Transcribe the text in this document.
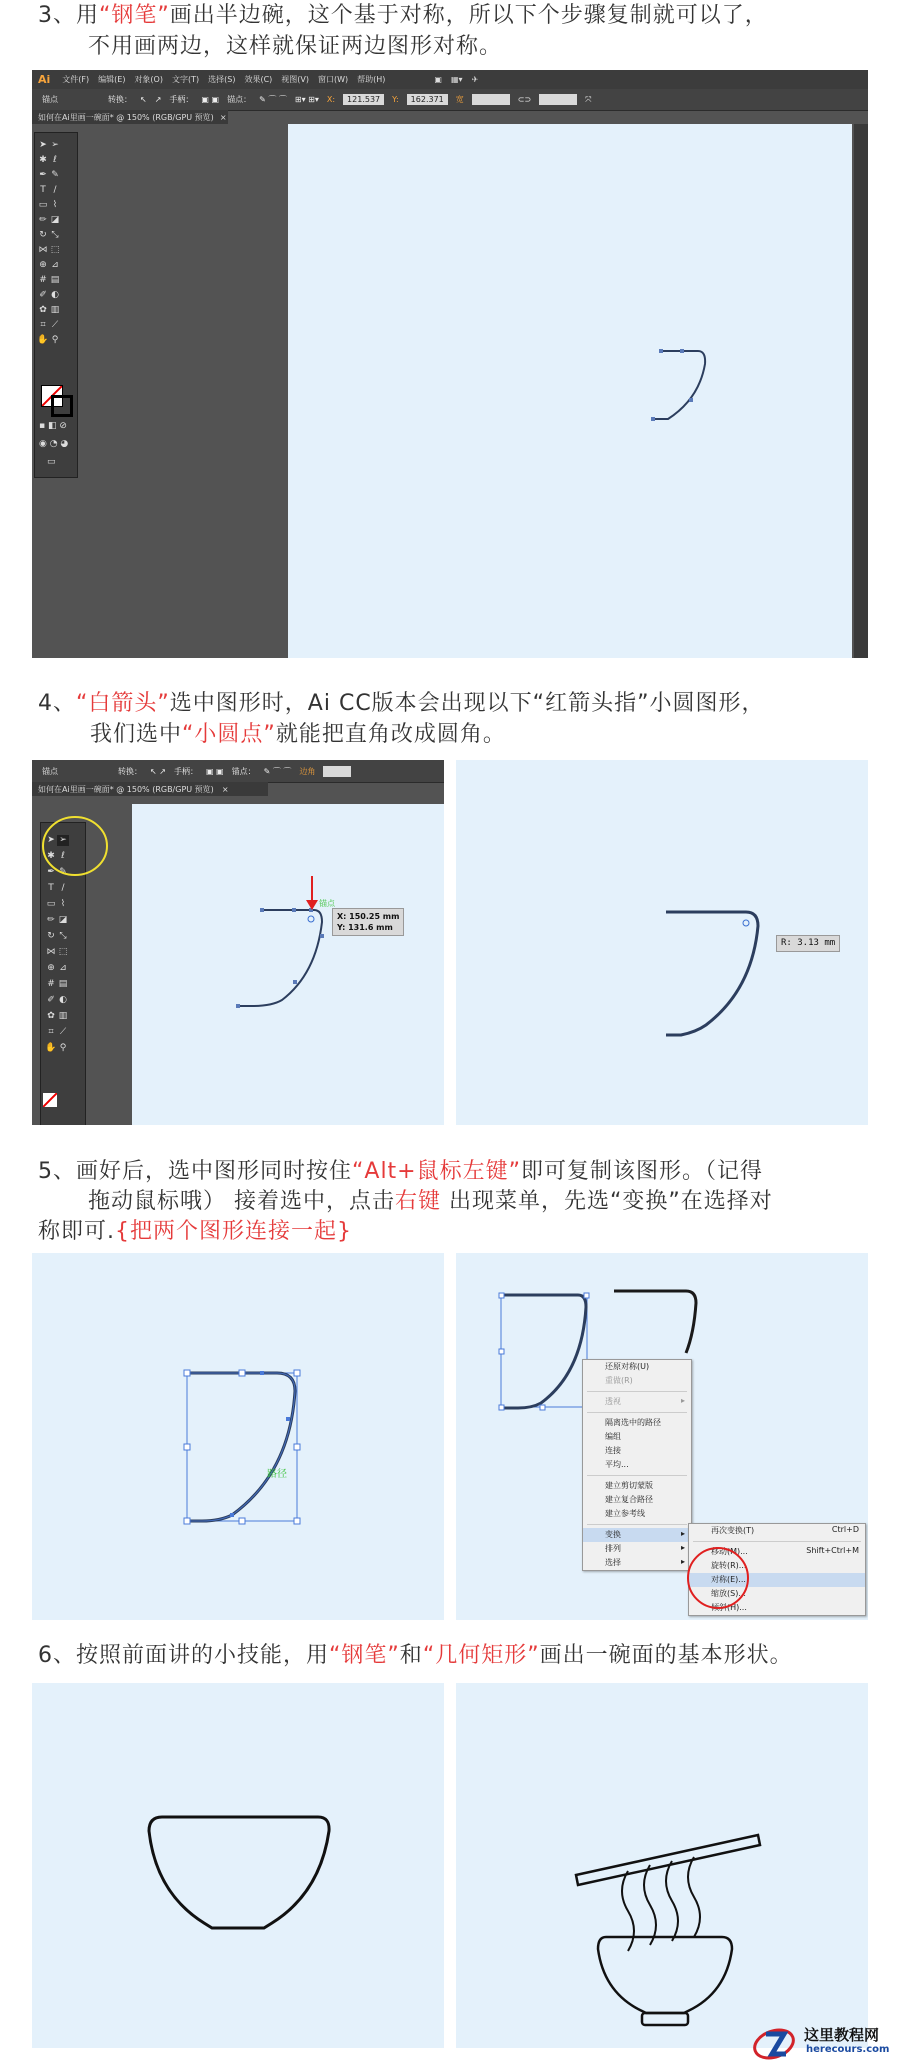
3、用“钢笔”画出半边碗，这个基于对称，所以下个步骤复制就可以了，
不用画两边，这样就保证两边图形对称。
Ai 文件(F) 编辑(E) 对象(O) 文字(T) 选择(S) 效果(C) 视图(V) 窗口(W) 帮助(H)	▣ ▦▾ ✈
锚点	转换： ↖ ↗ 手柄： ▣ ▣ 锚点： ✎ ⌒ ⌒ ⊞▾ ⊞▾ X:	121.537	Y:	162.371	宽	⊂⊃	⤧
如何在Ai里画一碗面* @ 150% (RGB/GPU 预览) ×
➤ ➢
✱ ℓ
✒ ✎
T /
▭ ⌇
✏ ◪
↻ ⤡
⋈ ⬚
⊕ ⊿
# ▤
✐ ◐
✿ ▥
⌗ ⟋
✋ ⚲
▪ ◧ ⊘
◉ ◔ ◕
▭
4、“白箭头”选中图形时，Ai CC版本会出现以下“红箭头指”小圆图形，
我们选中“小圆点”就能把直角改成圆角。
锚点	转换： ↖ ↗ 手柄： ▣ ▣ 锚点： ✎ ⌒ ⌒ 边角
如何在Ai里画一碗面* @ 150% (RGB/GPU 预览) ×
➤ ➢
✱ ℓ
✒ ✎
T /
▭ ⌇
✏ ◪
↻ ⤡
⋈ ⬚
⊕ ⊿
# ▤
✐ ◐
✿ ▥
⌗ ⟋
✋ ⚲
锚点
X: 150.25 mm
Y: 131.6 mm
R: 3.13 mm
5、画好后，选中图形同时按住“Alt+鼠标左键”即可复制该图形。（记得
拖动鼠标哦） 接着选中，点击右键 出现菜单，先选“变换”在选择对
称即可.{把两个图形连接一起}
路径
还原对称(U)
重做(R)
透视	▸
隔离选中的路径
编组
连接
平均...
建立剪切蒙版
建立复合路径
建立参考线
变换	▸
排列	▸
选择	▸
再次变换(T)	Ctrl+D
移动(M)...	Shift+Ctrl+M
旋转(R)...
对称(E)...
缩放(S)...
倾斜(H)...
6、按照前面讲的小技能，用“钢笔”和“几何矩形”画出一碗面的基本形状。
这里教程网
herecours.com
